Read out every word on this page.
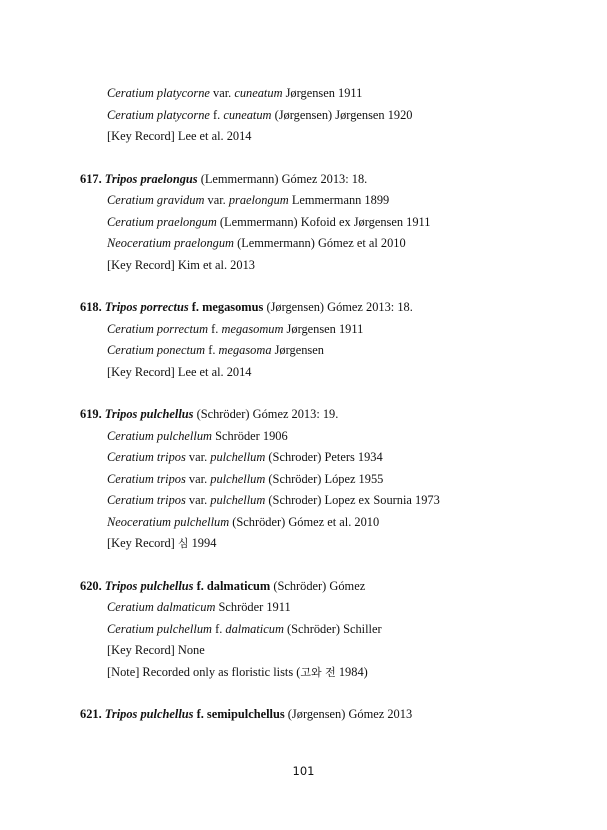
Ceratium platycorne var. cuneatum Jørgensen 1911
Ceratium platycorne f. cuneatum (Jørgensen) Jørgensen 1920
[Key Record] Lee et al. 2014
617. Tripos praelongus (Lemmermann) Gómez 2013: 18.
Ceratium gravidum var. praelongum Lemmermann 1899
Ceratium praelongum (Lemmermann) Kofoid ex Jørgensen 1911
Neoceratium praelongum (Lemmermann) Gómez et al 2010
[Key Record] Kim et al. 2013
618. Tripos porrectus f. megasomus (Jørgensen) Gómez 2013: 18.
Ceratium porrectum f. megasomum Jørgensen 1911
Ceratium ponectum f. megasoma Jørgensen
[Key Record] Lee et al. 2014
619. Tripos pulchellus (Schröder) Gómez 2013: 19.
Ceratium pulchellum Schröder 1906
Ceratium tripos var. pulchellum (Schroder) Peters 1934
Ceratium tripos var. pulchellum (Schröder) López 1955
Ceratium tripos var. pulchellum (Schroder) Lopez ex Sournia 1973
Neoceratium pulchellum (Schröder) Gómez et al. 2010
[Key Record] 심 1994
620. Tripos pulchellus f. dalmaticum (Schröder) Gómez
Ceratium dalmaticum Schröder 1911
Ceratium pulchellum f. dalmaticum (Schröder) Schiller
[Key Record] None
[Note] Recorded only as floristic lists (고와 전 1984)
621. Tripos pulchellus f. semipulchellus (Jørgensen) Gómez 2013
101
